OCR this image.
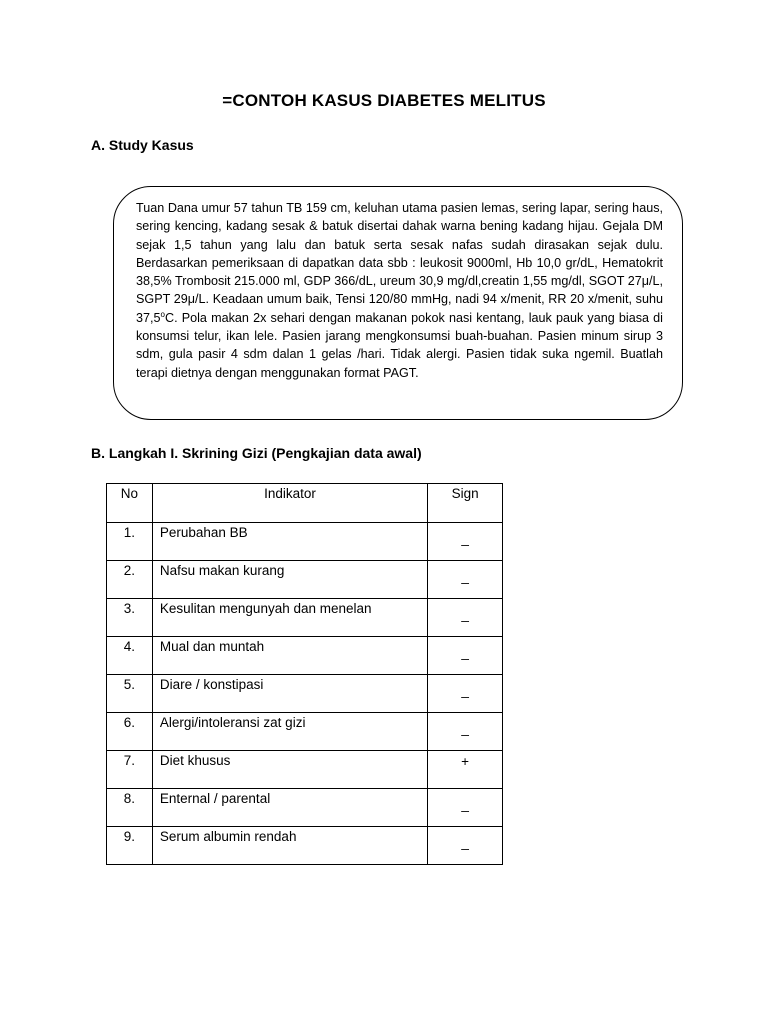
=CONTOH KASUS DIABETES MELITUS
A. Study Kasus

Tuan Dana umur 57 tahun TB 159 cm, keluhan utama pasien lemas, sering lapar, sering haus, sering kencing, kadang sesak & batuk disertai dahak warna bening kadang hijau. Gejala DM sejak 1,5 tahun yang lalu dan batuk serta sesak nafas sudah dirasakan sejak dulu. Berdasarkan pemeriksaan di dapatkan data sbb : leukosit 9000ml, Hb 10,0 gr/dL, Hematokrit 38,5% Trombosit 215.000 ml, GDP 366/dL, ureum 30,9 mg/dl,creatin 1,55 mg/dl, SGOT 27μ/L, SGPT 29μ/L. Keadaan umum baik, Tensi 120/80 mmHg, nadi 94 x/menit, RR 20 x/menit, suhu 37,5$^o$C. Pola makan 2x sehari dengan makanan pokok nasi kentang, lauk pauk yang biasa di konsumsi telur, ikan lele. Pasien jarang mengkonsumsi buah-buahan. Pasien minum sirup 3 sdm, gula pasir 4 sdm dalan 1 gelas /hari. Tidak alergi. Pasien tidak suka ngemil. Buatlah terapi dietnya dengan menggunakan format PAGT.

B. Langkah I. Skrining Gizi (Pengkajian data awal)
No	Indikator	Sign
1.	Perubahan BB	_
2.	Nafsu makan kurang	_
3.	Kesulitan mengunyah dan menelan	_
4.	Mual dan muntah	_
5.	Diare / konstipasi	_
6.	Alergi/intoleransi zat gizi	_
7.	Diet khusus	+
8.	Enternal / parental	_
9.	Serum albumin rendah	_
